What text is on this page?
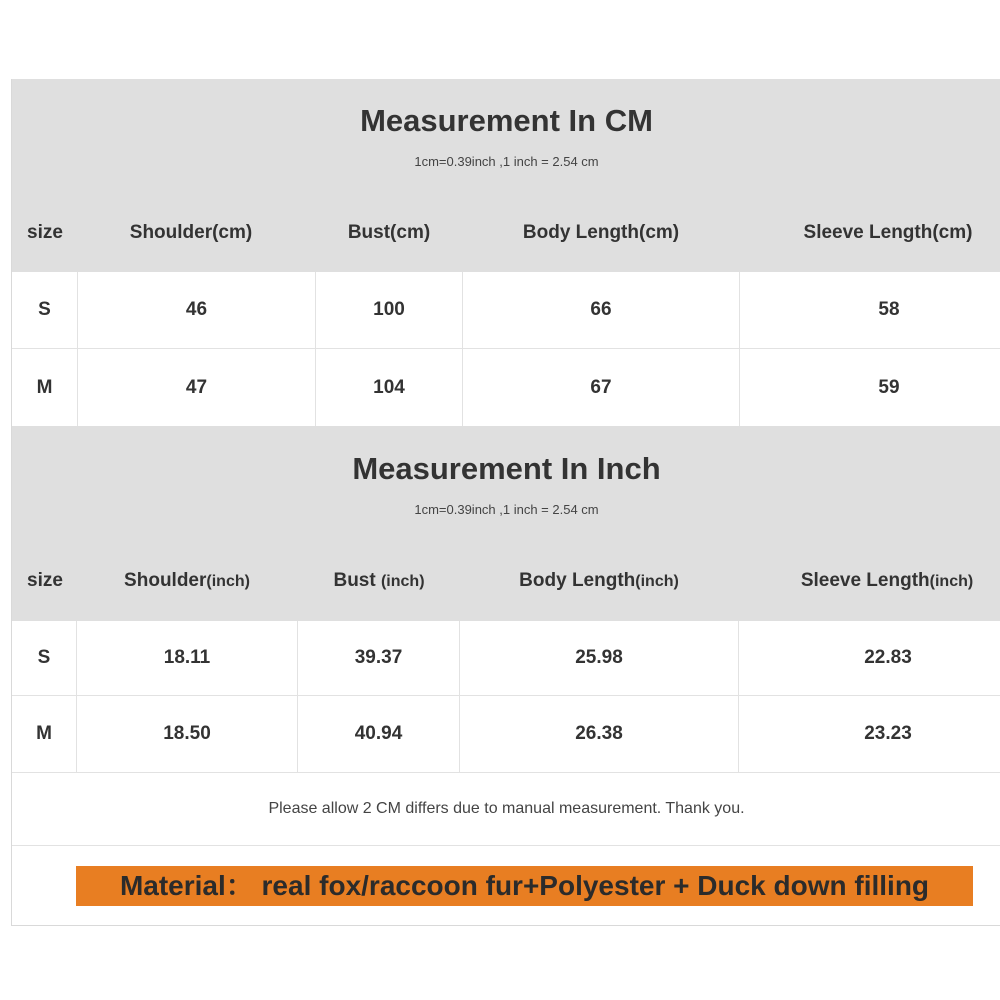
Measurement In CM
1cm=0.39inch ,1 inch = 2.54 cm
size	Shoulder(cm)	Bust(cm)	Body Length(cm)	Sleeve Length(cm)
S	46	100	66	58
M	47	104	67	59
Measurement In Inch
1cm=0.39inch ,1 inch = 2.54 cm
size	Shoulder(inch)	Bust (inch)	Body Length(inch)	Sleeve Length(inch)
S	18.11	39.37	25.98	22.83
M	18.50	40.94	26.38	23.23
Please allow 2 CM differs due to manual measurement. Thank you.
Material： real fox/raccoon fur+Polyester + Duck down filling
